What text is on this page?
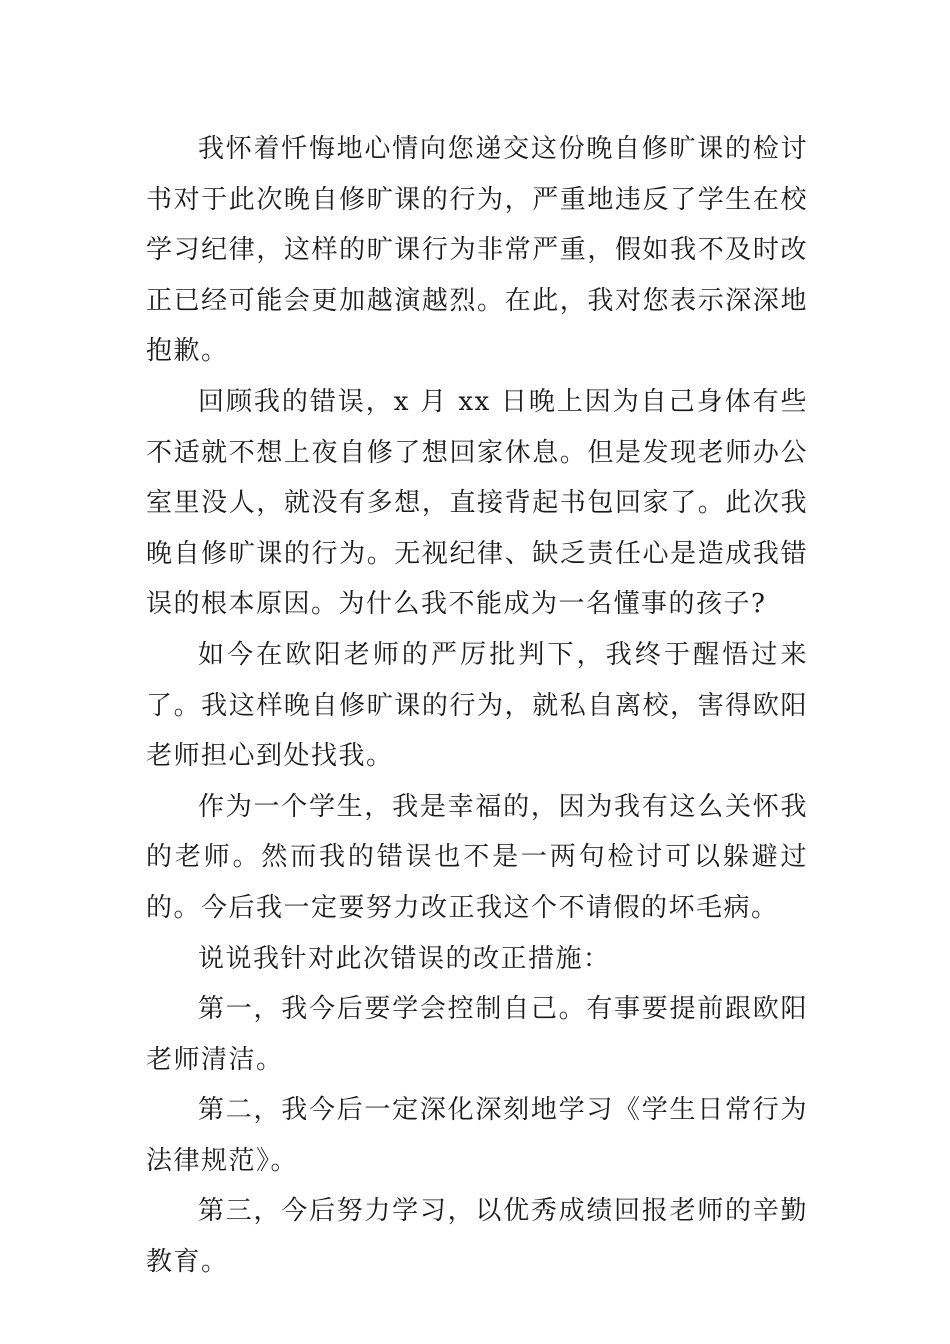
我怀着忏悔地心情向您递交这份晚自修旷课的检讨书对于此次晚自修旷课的行为，严重地违反了学生在校学习纪律，这样的旷课行为非常严重，假如我不及时改正已经可能会更加越演越烈。在此，我对您表示深深地抱歉。

回顾我的错误，x 月 xx 日晚上因为自己身体有些不适就不想上夜自修了想回家休息。但是发现老师办公室里没人，就没有多想，直接背起书包回家了。此次我晚自修旷课的行为。无视纪律、缺乏责任心是造成我错误的根本原因。为什么我不能成为一名懂事的孩子?

如今在欧阳老师的严厉批判下，我终于醒悟过来了。我这样晚自修旷课的行为，就私自离校，害得欧阳老师担心到处找我。

作为一个学生，我是幸福的，因为我有这么关怀我的老师。然而我的错误也不是一两句检讨可以躲避过的。今后我一定要努力改正我这个不请假的坏毛病。

说说我针对此次错误的改正措施：

第一，我今后要学会控制自己。有事要提前跟欧阳老师清洁。

第二，我今后一定深化深刻地学习《学生日常行为法律规范》。

第三，今后努力学习，以优秀成绩回报老师的辛勤教育。
